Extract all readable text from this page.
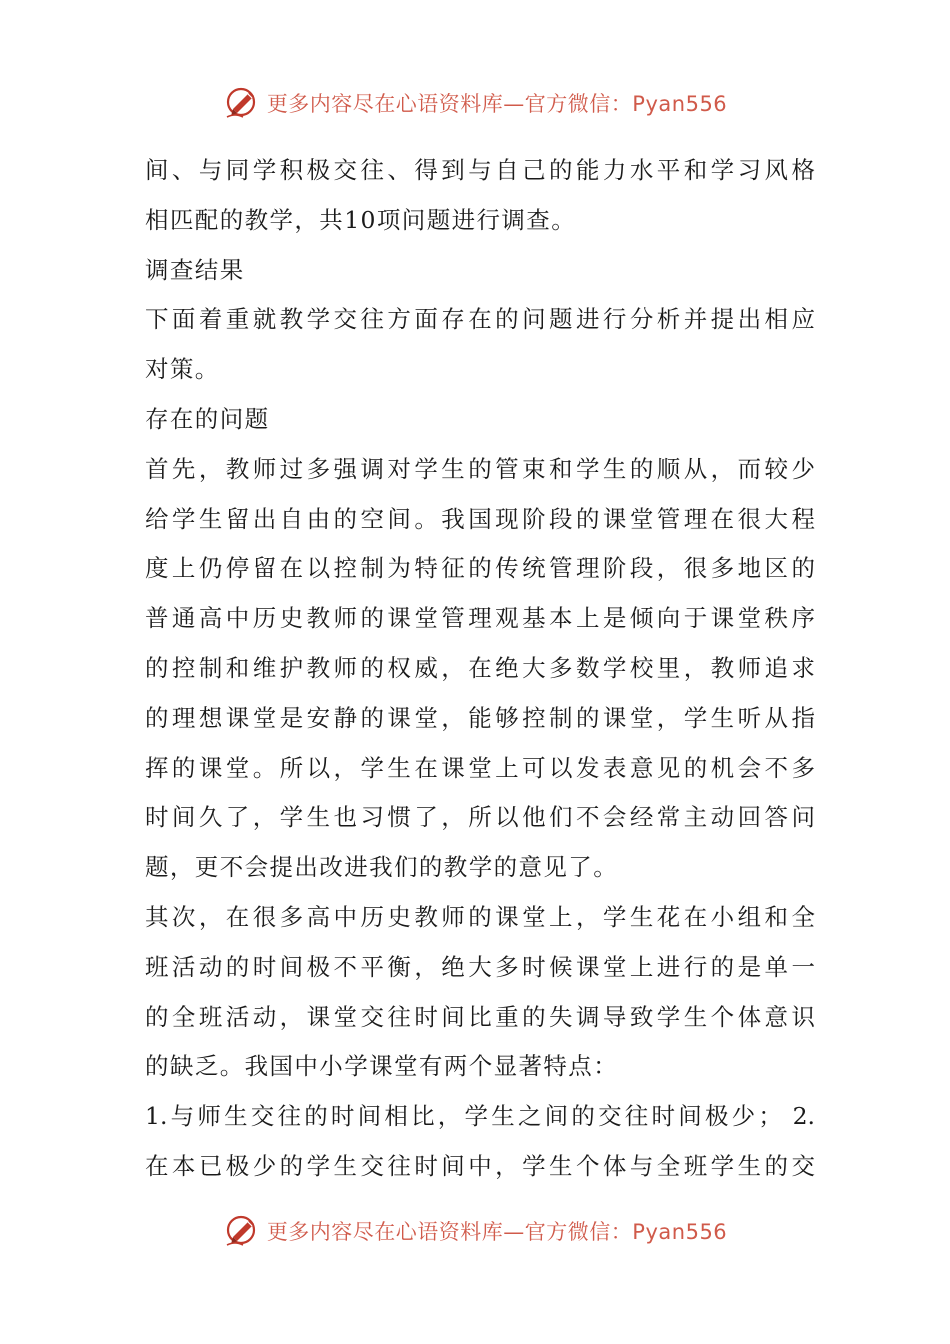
更多内容尽在心语资料库—官方微信：Pyan556
间、与同学积极交往、得到与自己的能力水平和学习风格
相匹配的教学，共10项问题进行调查。
调查结果
下面着重就教学交往方面存在的问题进行分析并提出相应
对策。
存在的问题
首先，教师过多强调对学生的管束和学生的顺从，而较少
给学生留出自由的空间。我国现阶段的课堂管理在很大程
度上仍停留在以控制为特征的传统管理阶段，很多地区的
普通高中历史教师的课堂管理观基本上是倾向于课堂秩序
的控制和维护教师的权威，在绝大多数学校里，教师追求
的理想课堂是安静的课堂，能够控制的课堂，学生听从指
挥的课堂。所以，学生在课堂上可以发表意见的机会不多
时间久了，学生也习惯了，所以他们不会经常主动回答问
题，更不会提出改进我们的教学的意见了。
其次，在很多高中历史教师的课堂上，学生花在小组和全
班活动的时间极不平衡，绝大多时候课堂上进行的是单一
的全班活动，课堂交往时间比重的失调导致学生个体意识
的缺乏。我国中小学课堂有两个显著特点：
1.与师生交往的时间相比，学生之间的交往时间极少； 2.
在本已极少的学生交往时间中，学生个体与全班学生的交
更多内容尽在心语资料库—官方微信：Pyan556
